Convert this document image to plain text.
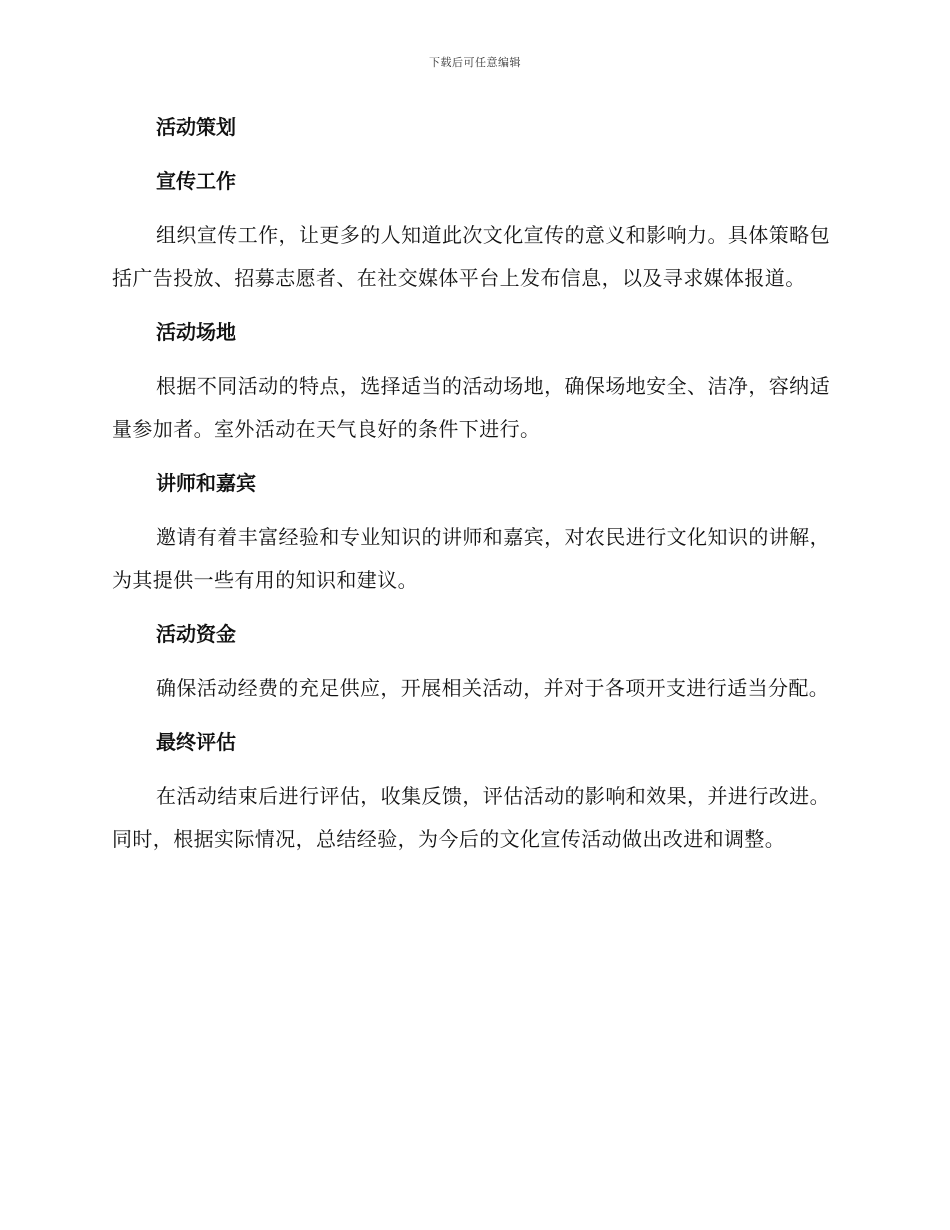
下载后可任意编辑
活动策划
宣传工作

组织宣传工作，让更多的人知道此次文化宣传的意义和影响力。具体策略包括广告投放、招募志愿者、在社交媒体平台上发布信息，以及寻求媒体报道。

活动场地

根据不同活动的特点，选择适当的活动场地，确保场地安全、洁净，容纳适量参加者。室外活动在天气良好的条件下进行。

讲师和嘉宾

邀请有着丰富经验和专业知识的讲师和嘉宾，对农民进行文化知识的讲解，为其提供一些有用的知识和建议。

活动资金

确保活动经费的充足供应，开展相关活动，并对于各项开支进行适当分配。

最终评估

在活动结束后进行评估，收集反馈，评估活动的影响和效果，并进行改进。同时，根据实际情况，总结经验，为今后的文化宣传活动做出改进和调整。
